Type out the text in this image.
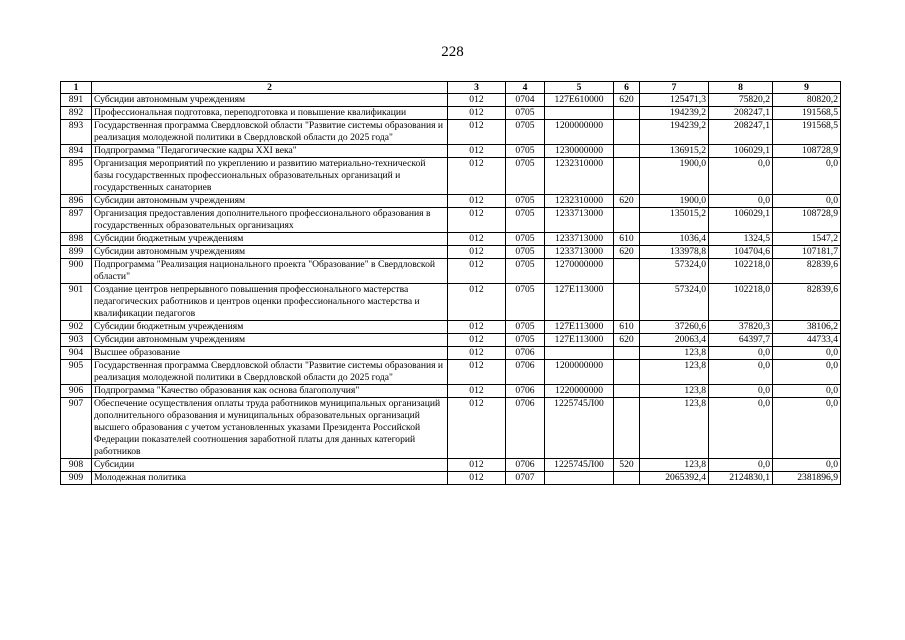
228
1	2	3	4	5	6	7	8	9
891	Субсидии автономным учреждениям	012	0704	127Е610000	620	125471,3	75820,2	80820,2
892	Профессиональная подготовка, переподготовка и повышение квалификации	012	0705			194239,2	208247,1	191568,5
893	Государственная программа Свердловской области "Развитие системы образования и реализация молодежной политики в Свердловской области до 2025 года"	012	0705	1200000000		194239,2	208247,1	191568,5
894	Подпрограмма "Педагогические кадры XXI века"	012	0705	1230000000		136915,2	106029,1	108728,9
895	Организация мероприятий по укреплению и развитию материально-технической базы государственных профессиональных образовательных организаций и государственных санаториев	012	0705	1232310000		1900,0	0,0	0,0
896	Субсидии автономным учреждениям	012	0705	1232310000	620	1900,0	0,0	0,0
897	Организация предоставления дополнительного профессионального образования в государственных образовательных организациях	012	0705	1233713000		135015,2	106029,1	108728,9
898	Субсидии бюджетным учреждениям	012	0705	1233713000	610	1036,4	1324,5	1547,2
899	Субсидии автономным учреждениям	012	0705	1233713000	620	133978,8	104704,6	107181,7
900	Подпрограмма "Реализация национального проекта "Образование" в Свердловской области"	012	0705	1270000000		57324,0	102218,0	82839,6
901	Создание центров непрерывного повышения профессионального мастерства педагогических работников и центров оценки профессионального мастерства и квалификации педагогов	012	0705	127Е113000		57324,0	102218,0	82839,6
902	Субсидии бюджетным учреждениям	012	0705	127Е113000	610	37260,6	37820,3	38106,2
903	Субсидии автономным учреждениям	012	0705	127Е113000	620	20063,4	64397,7	44733,4
904	Высшее образование	012	0706			123,8	0,0	0,0
905	Государственная программа Свердловской области "Развитие системы образования и реализация молодежной политики в Свердловской области до 2025 года"	012	0706	1200000000		123,8	0,0	0,0
906	Подпрограмма "Качество образования как основа благополучия"	012	0706	1220000000		123,8	0,0	0,0
907	Обеспечение осуществления оплаты труда работников муниципальных организаций дополнительного образования и муниципальных образовательных организаций высшего образования с учетом установленных указами Президента Российской Федерации показателей соотношения заработной платы для данных категорий работников	012	0706	1225745Л00		123,8	0,0	0,0
908	Субсидии	012	0706	1225745Л00	520	123,8	0,0	0,0
909	Молодежная политика	012	0707			2065392,4	2124830,1	2381896,9
